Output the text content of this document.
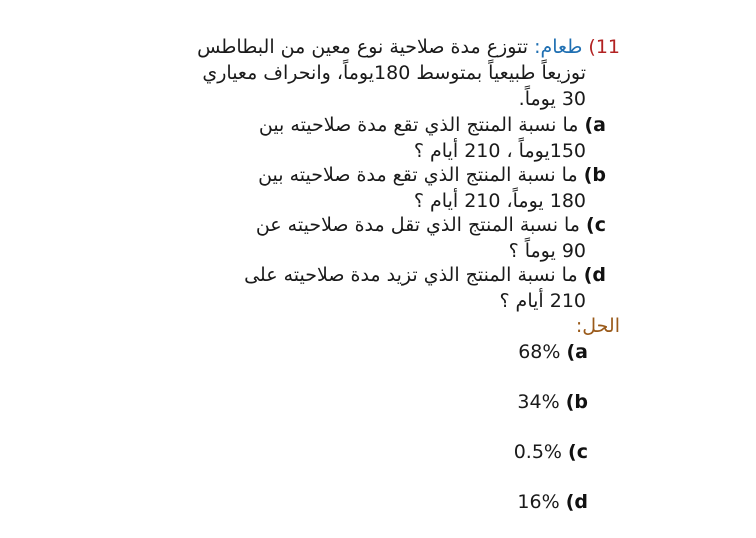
11) طعام: تتوزع مدة صلاحية نوع معين من البطاطس
توزيعاً طبيعياً بمتوسط 180يوماً، وانحراف معياري
30 يوماً.
a) ما نسبة المنتج الذي تقع مدة صلاحيته بين
150يوماً ، 210 أيام ؟
b) ما نسبة المنتج الذي تقع مدة صلاحيته بين
180 يوماً، 210 أيام ؟
c) ما نسبة المنتج الذي تقل مدة صلاحيته عن
90 يوماً ؟
d) ما نسبة المنتج الذي تزيد مدة صلاحيته على
210 أيام ؟
الحل:
68% (a
34% (b
0.5% (c
16% (d
